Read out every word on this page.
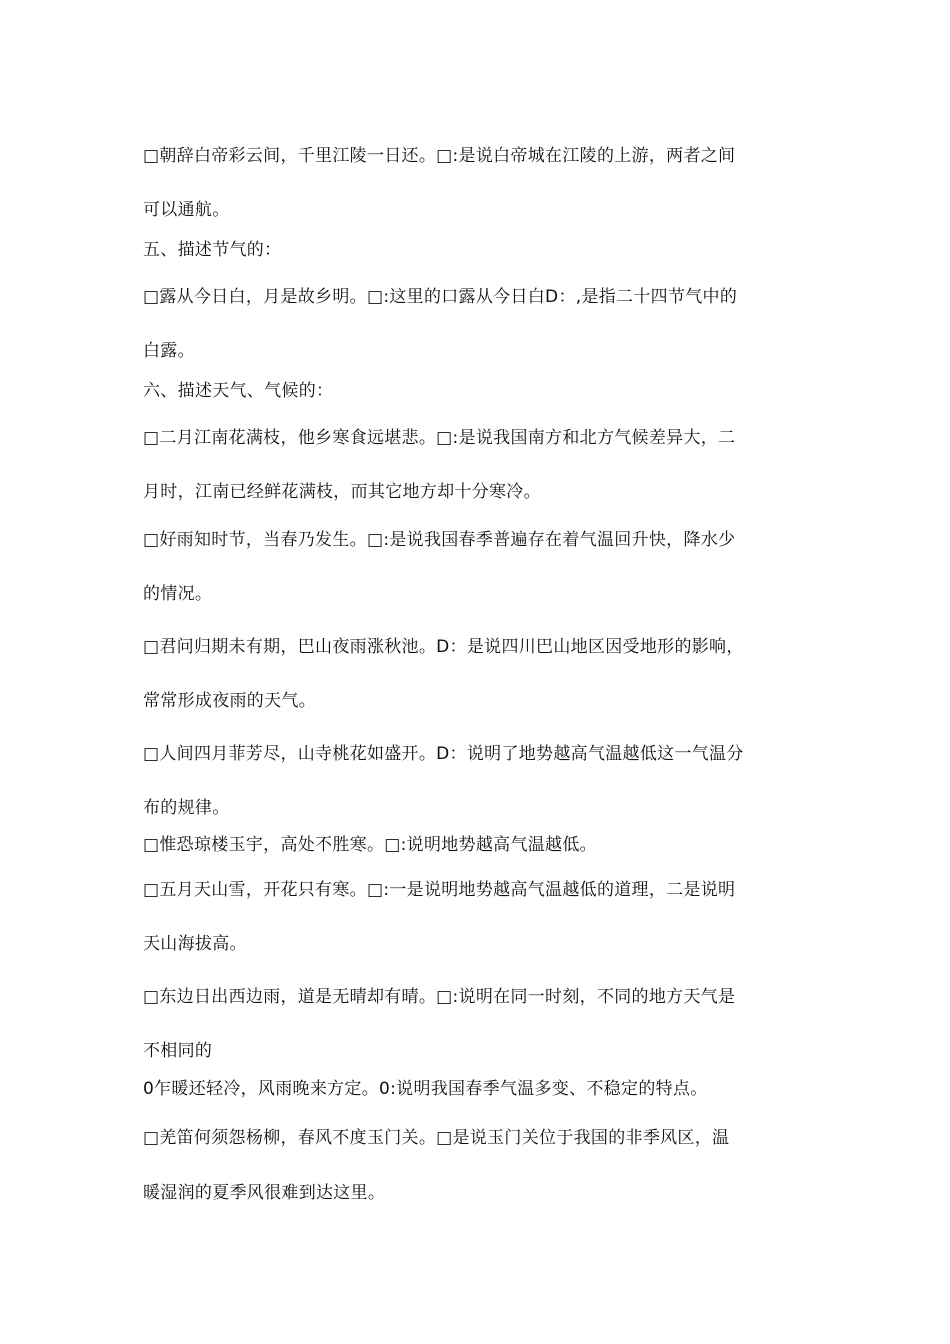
□朝辞白帝彩云间，千里江陵一日还。□:是说白帝城在江陵的上游，两者之间
可以通航。
五、描述节气的：
□露从今日白，月是故乡明。□:这里的口露从今日白D：,是指二十四节气中的
白露。
六、描述天气、气候的：
□二月江南花满枝，他乡寒食远堪悲。□:是说我国南方和北方气候差异大，二
月时，江南已经鲜花满枝，而其它地方却十分寒冷。
□好雨知时节，当春乃发生。□:是说我国春季普遍存在着气温回升快，降水少
的情况。
□君问归期未有期，巴山夜雨涨秋池。D：是说四川巴山地区因受地形的影响，
常常形成夜雨的天气。
□人间四月菲芳尽，山寺桃花如盛开。D：说明了地势越高气温越低这一气温分
布的规律。
□惟恐琼楼玉宇，高处不胜寒。□:说明地势越高气温越低。
□五月天山雪，开花只有寒。□:一是说明地势越高气温越低的道理，二是说明
天山海拔高。
□东边日出西边雨，道是无晴却有晴。□:说明在同一时刻，不同的地方天气是
不相同的
0乍暖还轻冷，风雨晚来方定。0:说明我国春季气温多变、不稳定的特点。
□羌笛何须怨杨柳，春风不度玉门关。□是说玉门关位于我国的非季风区，温
暖湿润的夏季风很难到达这里。
